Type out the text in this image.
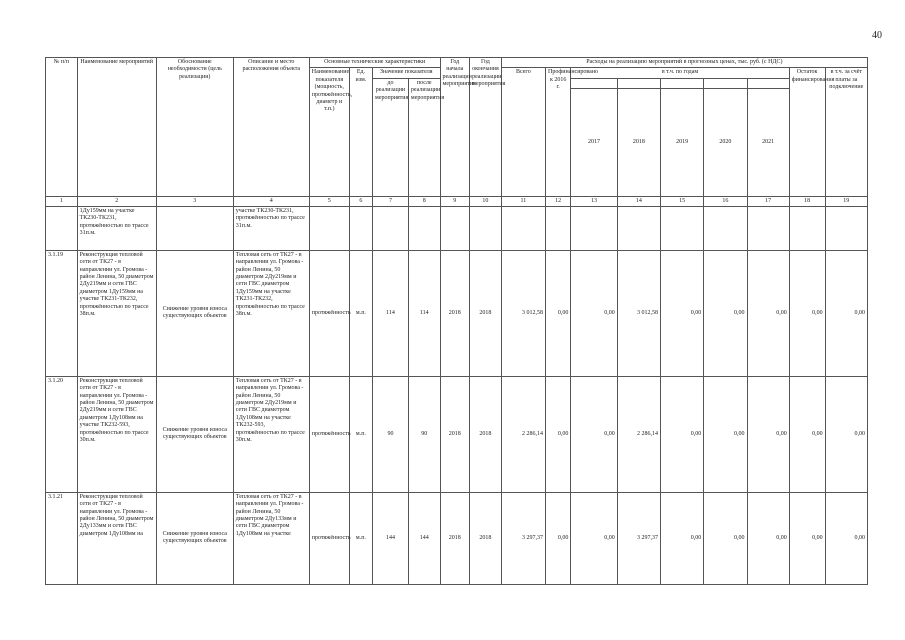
40
№ п/п	Наименование мероприятий	Обоснование необходимости (цель реализации)	Описание и место расположения объекта	Основные технические характеристики				Год начала реализации мероприятия	Год окончания реализации мероприятия	Расходы на реализацию мероприятий в прогнозных ценах, тыс. руб. (с НДС)								
				Наименование показателя (мощность, протяжённость, диаметр и т.п.)	Ед. изм.	Значение показателя				Всего	Профинансировано к 2016 г.	в т.ч. по годам					Остаток финансирования	в т.ч. за счёт платы за подключение
						до реализации мероприятия	после реализации мероприятия											
												2017	2018	2019	2020	2021		
1	2	3	4	5	6	7	8	9	10	11	12	13	14	15	16	17	18	19
	1Ду159мм на участке ТК230-ТК231, протяжённостью по трассе 31п.м.		участке ТК230-ТК231, протяжённостью по трассе 31п.м.															
3.1.19	Реконструкция тепловой сети от ТК27 - в направлении ул. Громова - район Ленина, 50 диаметром 2Ду219мм и сети ГВС диаметром 1Ду159мм на участке ТК231-ТК232, протяжённостью по трассе 38п.м.	Снижение уровня износа существующих объектов	Тепловая сеть от ТК27 - в направлении ул. Громова - район Ленина, 50 диаметром 2Ду219мм и сети ГВС диаметром 1Ду159мм на участке ТК231-ТК232, протяжённостью по трассе 38п.м.	протяжённость	м.п.	114	114	2018	2018	3 012,58	0,00	0,00	3 012,58	0,00	0,00	0,00	0,00	0,00
3.1.20	Реконструкция тепловой сети от ТК27 - в направлении ул. Громова - район Ленина, 50 диаметром 2Ду219мм и сети ГВС диаметром 1Ду108мм на участке ТК232-593, протяжённостью по трассе 30п.м.	Снижение уровня износа существующих объектов	Тепловая сеть от ТК27 - в направлении ул. Громова - район Ленина, 50 диаметром 2Ду219мм и сети ГВС диаметром 1Ду108мм на участке ТК232-593, протяжённостью по трассе 30п.м.	протяжённость	м.п.	90	90	2018	2018	2 286,14	0,00	0,00	2 286,14	0,00	0,00	0,00	0,00	0,00
3.1.21	Реконструкция тепловой сети от ТК27 - в направлении ул. Громова - район Ленина, 50 диаметром 2Ду133мм и сети ГВС диаметром 1Ду108мм на	Снижение уровня износа существующих объектов	Тепловая сеть от ТК27 - в направлении ул. Громова - район Ленина, 50 диаметром 2Ду133мм и сети ГВС диаметром 1Ду108мм на участке	протяжённость	м.п.	144	144	2018	2018	3 297,37	0,00	0,00	3 297,37	0,00	0,00	0,00	0,00	0,00
